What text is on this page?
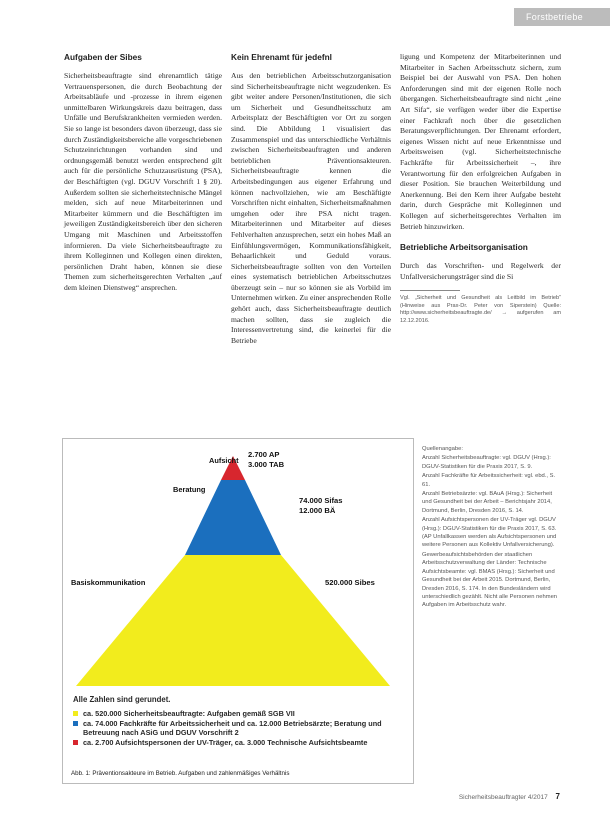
Forstbetriebe
Aufgaben der Sibes
Sicherheitsbeauftragte sind ehrenamtlich tätige Vertrauenspersonen, die durch Beobachtung der Arbeitsabläufe und -prozesse in ihrem eigenen unmittelbaren Wirkungskreis dazu beitragen, dass Unfälle und Berufskrankheiten vermieden werden. Sie so lange ist besonders davon überzeugt, dass sie durch Zuständigkeitsbereiche alle vorgeschriebenen Schutzeinrichtungen vorhanden sind und ordnungsgemäß benutzt werden entsprechend gilt auch für die persönliche Schutzausrüstung (PSA), der Beschäftigten (vgl. DGUV Vorschrift 1 § 20). Außerdem sollten sie sicherheitstechnische Mängel melden, sich auf neue Mitarbeiterinnen und Mitarbeiter kümmern und die Beschäftigten im jeweiligen Zuständigkeitsbereich über den sicheren Umgang mit Maschinen und Arbeitsstoffen informieren. Da viele Sicherheitsbeauftragte zu ihrem Kolleginnen und Kollegen einen direkten, persönlichen Draht haben, können sie diese Themen zum sicherheitsgerechten Verhalten „auf dem kleinen Dienstweg“ ansprechen.
Kein Ehrenamt für jedefnl
Aus den betrieblichen Arbeitsschutzorganisation sind Sicherheitsbeauftragte nicht wegzudenken. Es gibt weiter andere Personen/Institutionen, die sich um Sicherheit und Gesundheitsschutz am Arbeitsplatz der Beschäftigten vor Ort zu sorgen sind. Die Abbildung 1 visualisiert das Zusammenspiel und das unterschiedliche Verhältnis zwischen Sicherheitsbeauftragten und anderen betrieblichen Präventionsakteuren. Sicherheitsbeauftragte kennen die Arbeitsbedingungen aus eigener Erfahrung und können nachvollziehen, wie am Beschäftigte Vorschriften nicht einhalten, Sicherheitsmaßnahmen umgehen oder ihre PSA nicht tragen. Mitarbeiterinnen und Mitarbeiter auf dieses Fehlverhalten anzusprechen, setzt ein hohes Maß an Einfühlungsvermögen, Kommunikationsfähigkeit, Behaarlichkeit und Geduld voraus. Sicherheitsbeauftragte sollten von den Vorteilen eines systematisch betrieblichen Arbeitsschutzes überzeugt sein – nur so können sie als Vorbild im Unternehmen wirken. Zu einer ansprechenden Rolle gehört auch, dass Sicherheitsbeauftragte deutlich machen sollten, dass sie zugleich die Interessenvertretung sind, die keinerlei für die Betriebe
ligung und Kompetenz der Mitarbeiterinnen und Mitarbeiter in Sachen Arbeitsschutz sichern, zum Beispiel bei der Auswahl von PSA. Den hohen Anforderungen sind mit der eigenen Rolle noch übergangen. Sicherheitsbeauftragte sind nicht „eine Art Sifa“, sie verfügen weder über die Expertise einer Fachkraft noch über die gesetzlichen Beratungsverpflichtungen. Der Ehrenamt erfordert, eigenes Wissen nicht auf neue Erkenntnisse und Arbeitsweisen (vgl. Sicherheitstechnische Fachkräfte für Arbeitssicherheit –, ihre Verantwortung für den erfolgreichen Aufgaben in dieser Position. Sie brauchen Weiterbildung und Anerkennung. Bei den Kern ihrer Aufgabe besteht darin, durch Gespräche mit Kolleginnen und Kollegen auf sicherheitsgerechtes Verhalten im Betrieb hinzuwirken.
Betriebliche Arbeitsorganisation
Durch das Vorschriften- und Regelwerk der Unfallversicherungsträger sind die Si
Vgl. „Sicherheit und Gesundheit als Leitbild im Betrieb“ (Hinweise aus Prax-Dr. Peter von Siperstein) Quelle: http://www.sicherheitsbeauftragte.de/ → aufgerufen am 12.12.2016.
Aufsicht
2.700 AP
3.000 TAB
Beratung
74.000 Sifas
12.000 BÄ
Basiskommunikation	520.000 Sibes
Alle Zahlen sind gerundet.
ca. 520.000 Sicherheitsbeauftragte: Aufgaben gemäß SGB VII
ca. 74.000 Fachkräfte für Arbeitssicherheit und ca. 12.000 Betriebsärzte; Beratung und Betreuung nach ASiG und DGUV Vorschrift 2
ca. 2.700 Aufsichtspersonen der UV-Träger, ca. 3.000 Technische Aufsichtsbeamte
Abb. 1: Präventionsakteure im Betrieb. Aufgaben und zahlenmäßiges Verhältnis
Quellenangabe:
Anzahl Sicherheitsbeauftragte: vgl. DGUV (Hrsg.): DGUV-Statistiken für die Praxis 2017, S. 9.
Anzahl Fachkräfte für Arbeitssicherheit: vgl. ebd., S. 61.
Anzahl Betriebsärzte: vgl. BAuA (Hrsg.): Sicherheit und Gesundheit bei der Arbeit – Berichtsjahr 2014, Dortmund, Berlin, Dresden 2016, S. 14.
Anzahl Aufsichtspersonen der UV-Träger vgl. DGUV (Hrsg.): DGUV-Statistiken für die Praxis 2017, S. 63. (AP Unfallkassen werden als Aufsichtspersonen und weitere Personen aus Kollektiv Unfallversicherung).
Gewerbeaufsichtsbehörden der staatlichen Arbeitsschutzverwaltung der Länder: Technische Aufsichtsbeamte: vgl. BMAS (Hrsg.): Sicherheit und Gesundheit bei der Arbeit 2015. Dortmund, Berlin, Dresden 2016, S. 174. In den Bundesländern wird unterschiedlich gezählt. Nicht alle Personen nehmen Aufgaben im Arbeitsschutz wahr.
Sicherheitsbeauftragter 4/2017 7
